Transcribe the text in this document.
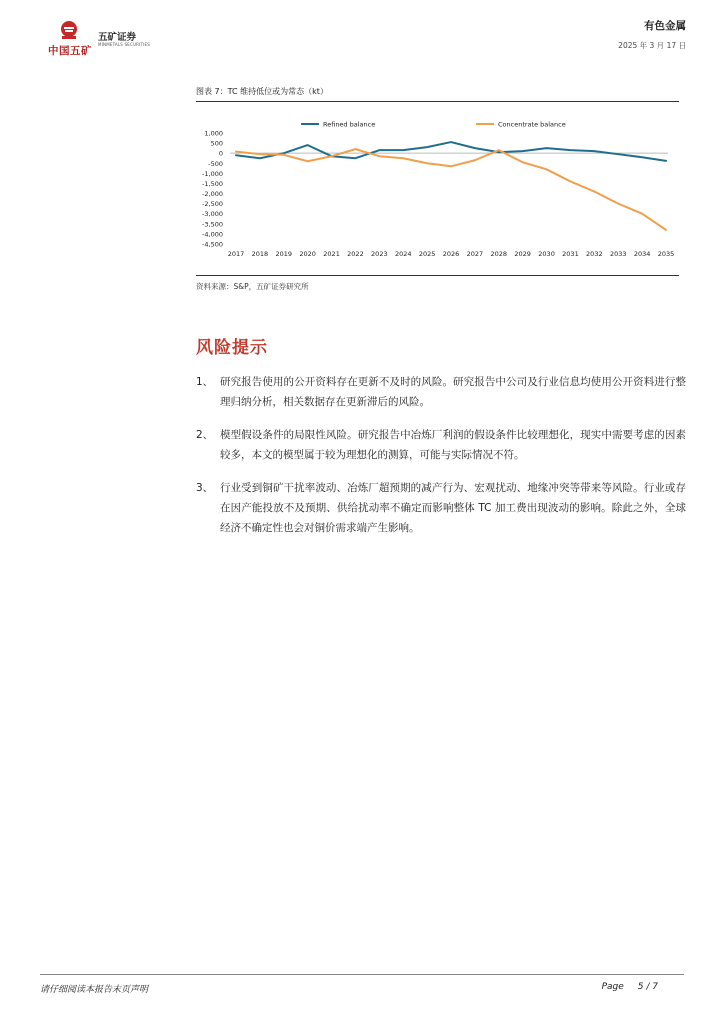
中国五矿
五矿证券
MINMETALS SECURITIES
有色金属
2025 年 3 月 17 日
图表 7：TC 维持低位或为常态（kt）
Refined balance	Concentrate balance
1,000
500
0
-500
-1,000
-1,500
-2,000
-2,500
-3,000
-3,500
-4,000
-4,500
2017 2018 2019 2020 2021 2022 2023 2024 2025 2026 2027 2028 2029 2030 2031 2032 2033 2034 2035
资料来源：S&P，五矿证券研究所
风险提示
1、 研究报告使用的公开资料存在更新不及时的风险。研究报告中公司及行业信息均使用公开资料进行整理归纳分析，相关数据存在更新滞后的风险。
2、 模型假设条件的局限性风险。研究报告中冶炼厂利润的假设条件比较理想化，现实中需要考虑的因素较多，本文的模型属于较为理想化的测算，可能与实际情况不符。
3、 行业受到铜矿干扰率波动、冶炼厂超预期的减产行为、宏观扰动、地缘冲突等带来等风险。行业或存在因产能投放不及预期、供给扰动率不确定而影响整体 TC 加工费出现波动的影响。除此之外，全球经济不确定性也会对铜价需求端产生影响。
请仔细阅读本报告末页声明	Page 5 / 7
